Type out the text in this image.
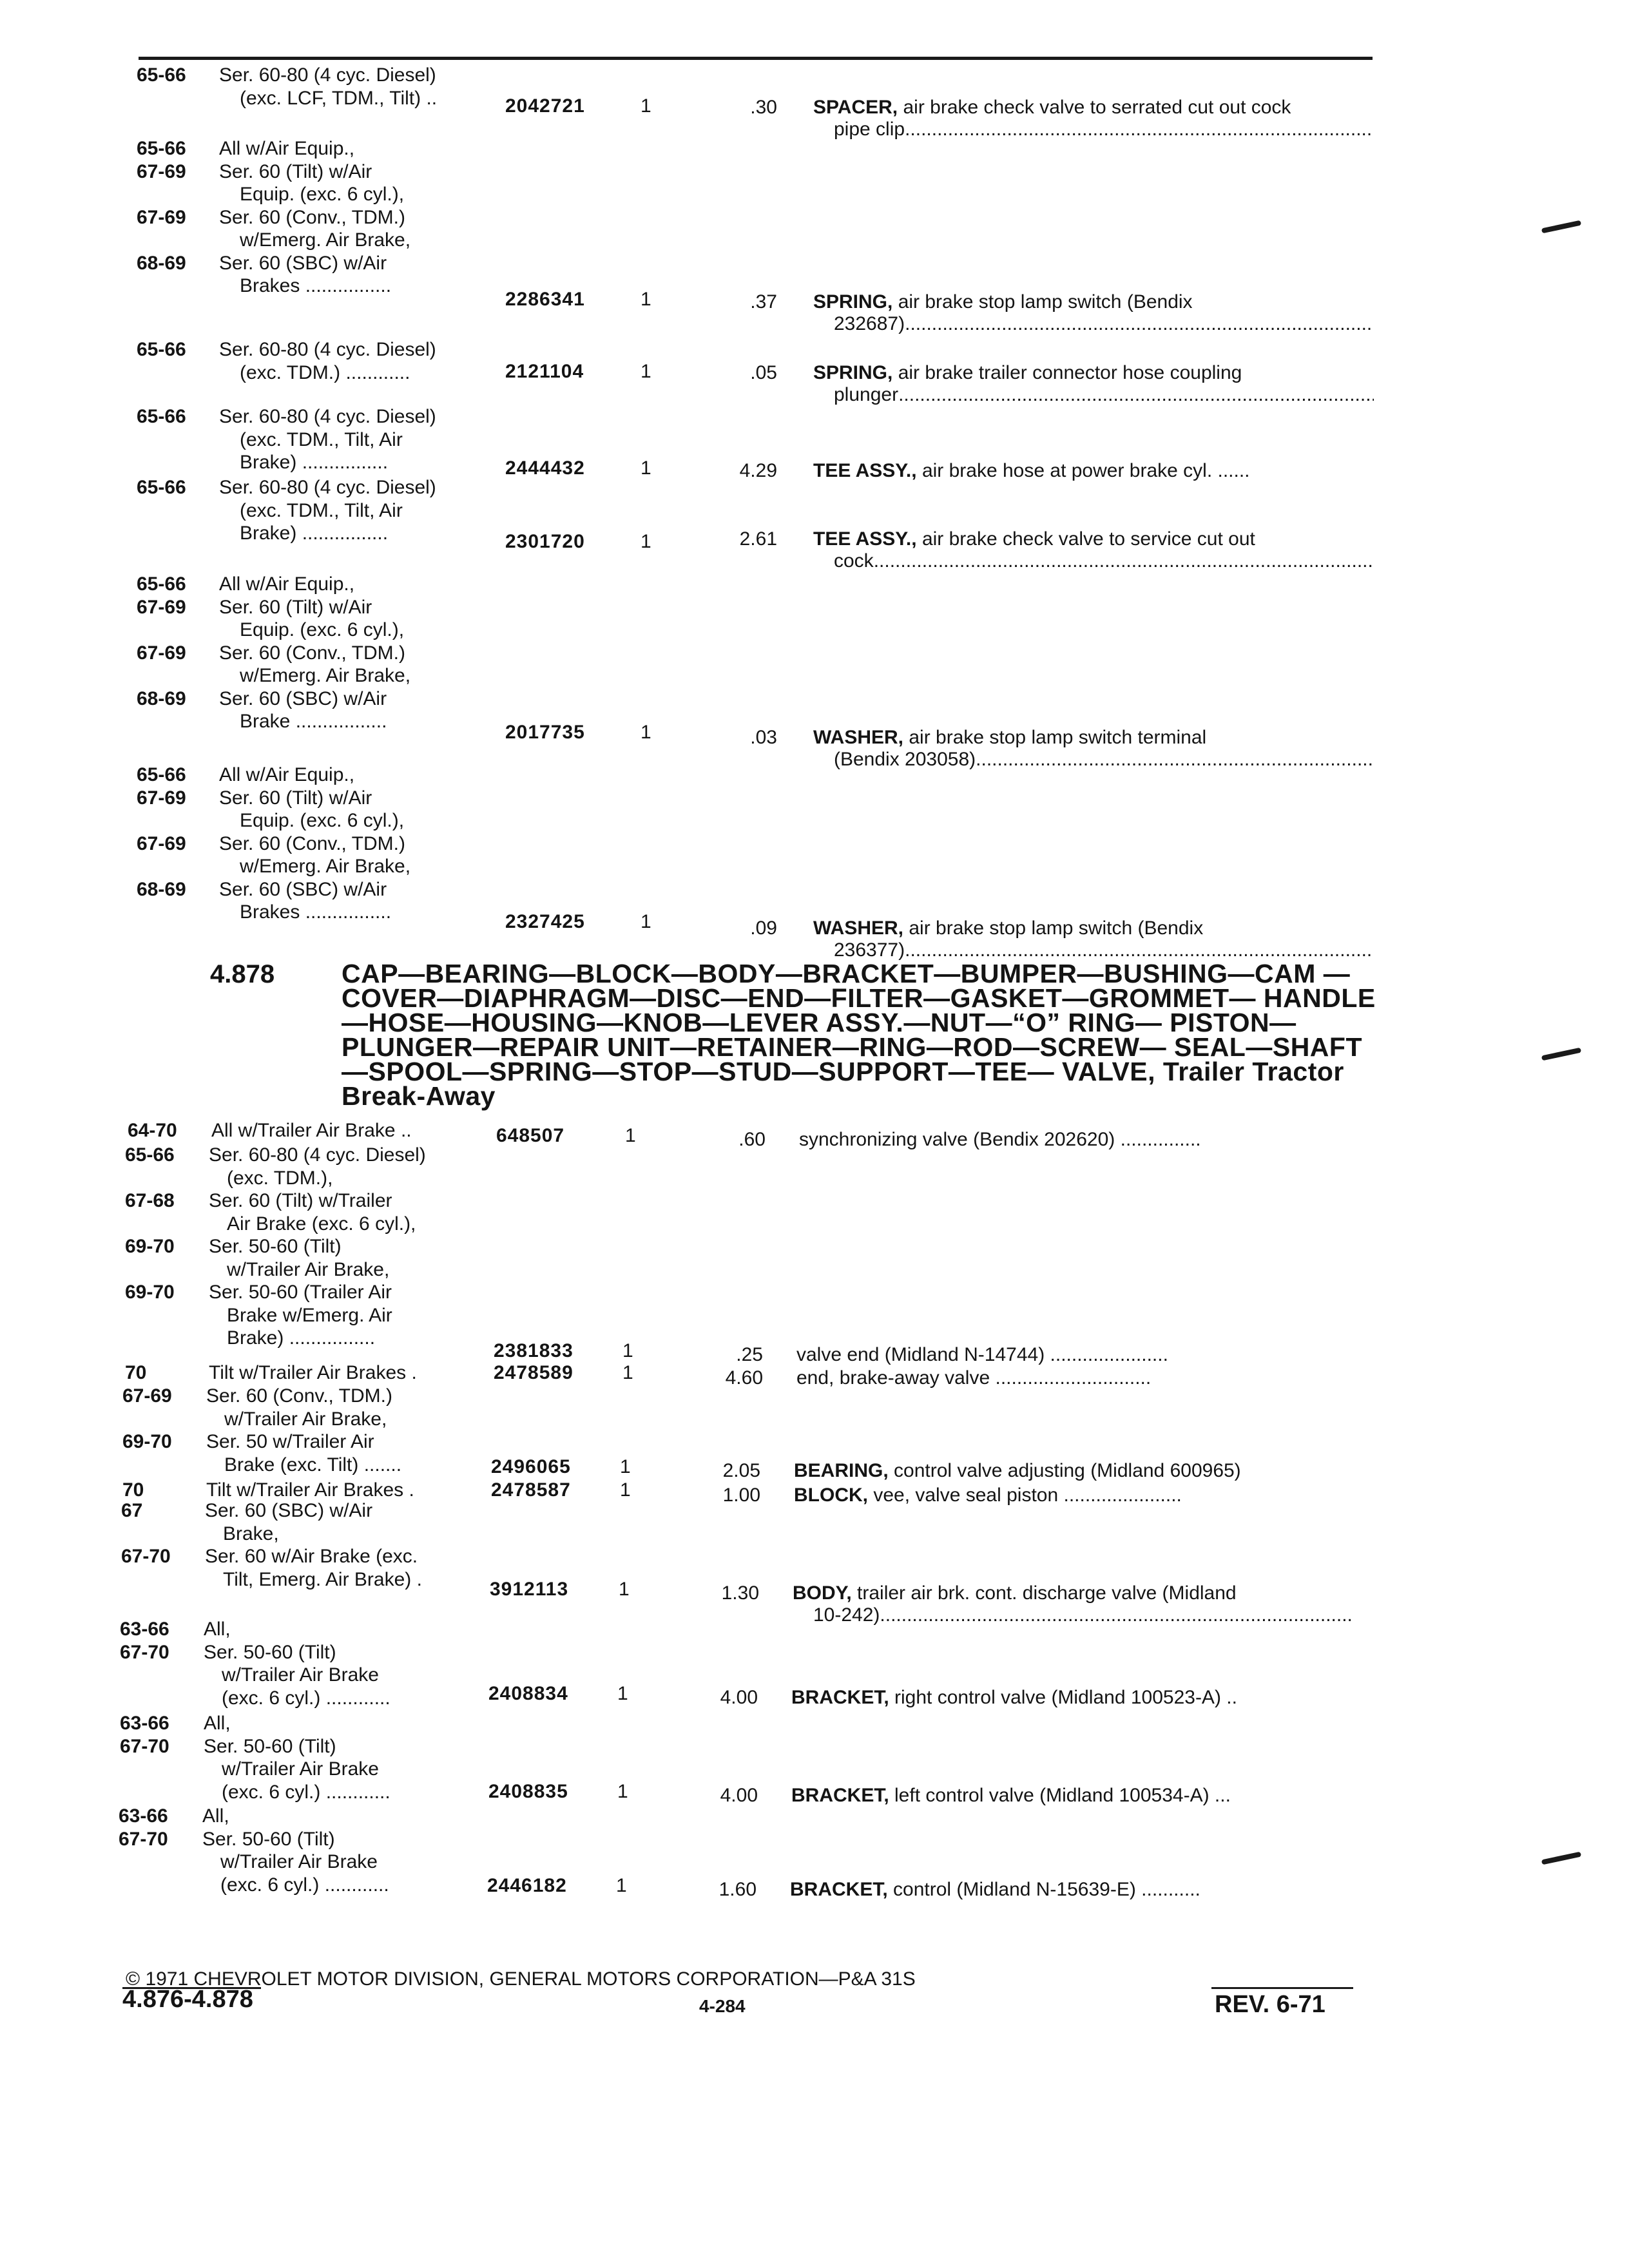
65-66 Ser. 60-80 (4 cyc. Diesel)
(exc. LCF, TDM., Tilt) ..	2042721	1	.30 SPACER, air brake check valve to serrated cut out cock
pipe clip
.....
65-66 All w/Air Equip.,
67-69 Ser. 60 (Tilt) w/Air
Equip. (exc. 6 cyl.),
67-69 Ser. 60 (Conv., TDM.)
w/Emerg. Air Brake,
68-69 Ser. 60 (SBC) w/Air
Brakes ................
2286341	1	.37 SPRING, air brake stop lamp switch (Bendix
232687)
.....
65-66 Ser. 60-80 (4 cyc. Diesel)
(exc. TDM.) ............	2121104	1	.05 SPRING, air brake trailer connector hose coupling
plunger
.....
65-66 Ser. 60-80 (4 cyc. Diesel)
(exc. TDM., Tilt, Air
Brake) ................	2444432	1	4.29 TEE ASSY., air brake hose at power brake cyl. ......
65-66 Ser. 60-80 (4 cyc. Diesel)
(exc. TDM., Tilt, Air
Brake) ................	2301720	1	2.61 TEE ASSY., air brake check valve to service cut out
cock
.....
65-66 All w/Air Equip.,
67-69 Ser. 60 (Tilt) w/Air
Equip. (exc. 6 cyl.),
67-69 Ser. 60 (Conv., TDM.)
w/Emerg. Air Brake,
68-69 Ser. 60 (SBC) w/Air
Brake .................
2017735	1	.03 WASHER, air brake stop lamp switch terminal
(Bendix 203058)
.....
65-66 All w/Air Equip.,
67-69 Ser. 60 (Tilt) w/Air
Equip. (exc. 6 cyl.),
67-69 Ser. 60 (Conv., TDM.)
w/Emerg. Air Brake,
68-69 Ser. 60 (SBC) w/Air
Brakes ................	2327425	1	.09 WASHER, air brake stop lamp switch (Bendix
236377)
.....
4.878	CAP—BEARING—BLOCK—BODY—BRACKET—BUMPER—BUSHING—CAM —COVER—DIAPHRAGM—DISC—END—FILTER—GASKET—GROMMET— HANDLE—HOSE—HOUSING—KNOB—LEVER ASSY.—NUT—“O” RING— PISTON—PLUNGER—REPAIR UNIT—RETAINER—RING—ROD—SCREW— SEAL—SHAFT—SPOOL—SPRING—STOP—STUD—SUPPORT—TEE— VALVE, Trailer Tractor Break-Away
64-70 All w/Trailer Air Brake ..	648507	1	.60 synchronizing valve (Bendix 202620) ...............
65-66 Ser. 60-80 (4 cyc. Diesel)
(exc. TDM.),
67-68 Ser. 60 (Tilt) w/Trailer
Air Brake (exc. 6 cyl.),
69-70 Ser. 50-60 (Tilt)
w/Trailer Air Brake,
69-70 Ser. 50-60 (Trailer Air
Brake w/Emerg. Air
Brake) ................
2381833	1	.25 valve end (Midland N-14744) ......................
70	Tilt w/Trailer Air Brakes .	2478589	1	4.60 end, brake-away valve .............................
67-69 Ser. 60 (Conv., TDM.)
w/Trailer Air Brake,
69-70 Ser. 50 w/Trailer Air
Brake (exc. Tilt) .......	2496065	1	2.05 BEARING, control valve adjusting (Midland 600965)
70	Tilt w/Trailer Air Brakes .	2478587	1	1.00 BLOCK, vee, valve seal piston ......................
67	Ser. 60 (SBC) w/Air
Brake,
67-70 Ser. 60 w/Air Brake (exc.
Tilt, Emerg. Air Brake) .	3912113	1	1.30 BODY, trailer air brk. cont. discharge valve (Midland
10-242)
.....
63-66 All,
67-70 Ser. 50-60 (Tilt)
w/Trailer Air Brake
(exc. 6 cyl.) ............	2408834	1	4.00 BRACKET, right control valve (Midland 100523-A) ..
63-66 All,
67-70 Ser. 50-60 (Tilt)
w/Trailer Air Brake
(exc. 6 cyl.) ............	2408835	1	4.00 BRACKET, left control valve (Midland 100534-A) ...
63-66 All,
67-70 Ser. 50-60 (Tilt)
w/Trailer Air Brake
(exc. 6 cyl.) ............	2446182	1	1.60 BRACKET, control (Midland N-15639-E) ...........
© 1971 CHEVROLET MOTOR DIVISION, GENERAL MOTORS CORPORATION—P&A 31S
4.876-4.878	4-284	REV. 6-71
